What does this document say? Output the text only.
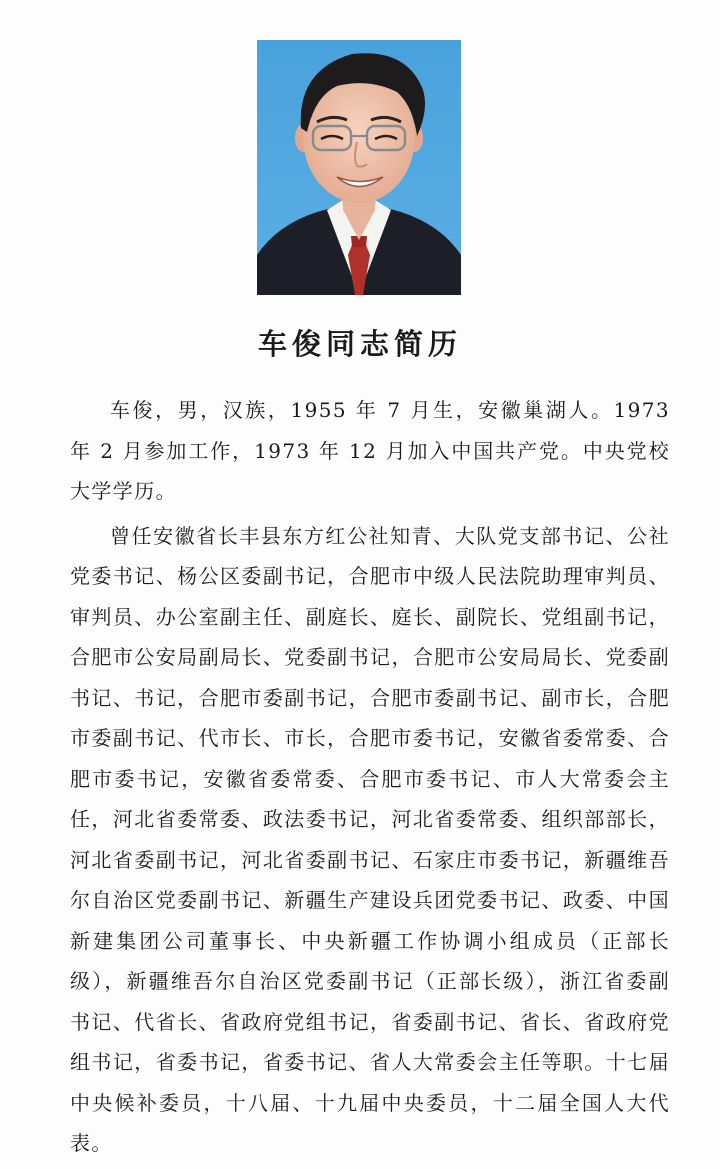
车俊同志简历

车俊，男，汉族，1955 年 7 月生，安徽巢湖人。1973 年 2 月参加工作，1973 年 12 月加入中国共产党。中央党校大学学历。

曾任安徽省长丰县东方红公社知青、大队党支部书记、公社党委书记、杨公区委副书记，合肥市中级人民法院助理审判员、审判员、办公室副主任、副庭长、庭长、副院长、党组副书记，合肥市公安局副局长、党委副书记，合肥市公安局局长、党委副书记、书记，合肥市委副书记，合肥市委副书记、副市长，合肥市委副书记、代市长、市长，合肥市委书记，安徽省委常委、合肥市委书记，安徽省委常委、合肥市委书记、市人大常委会主任，河北省委常委、政法委书记，河北省委常委、组织部部长，河北省委副书记，河北省委副书记、石家庄市委书记，新疆维吾尔自治区党委副书记、新疆生产建设兵团党委书记、政委、中国新建集团公司董事长、中央新疆工作协调小组成员（正部长级），新疆维吾尔自治区党委副书记（正部长级），浙江省委副书记、代省长、省政府党组书记，省委副书记、省长、省政府党组书记，省委书记，省委书记、省人大常委会主任等职。十七届中央候补委员，十八届、十九届中央委员，十二届全国人大代表。
